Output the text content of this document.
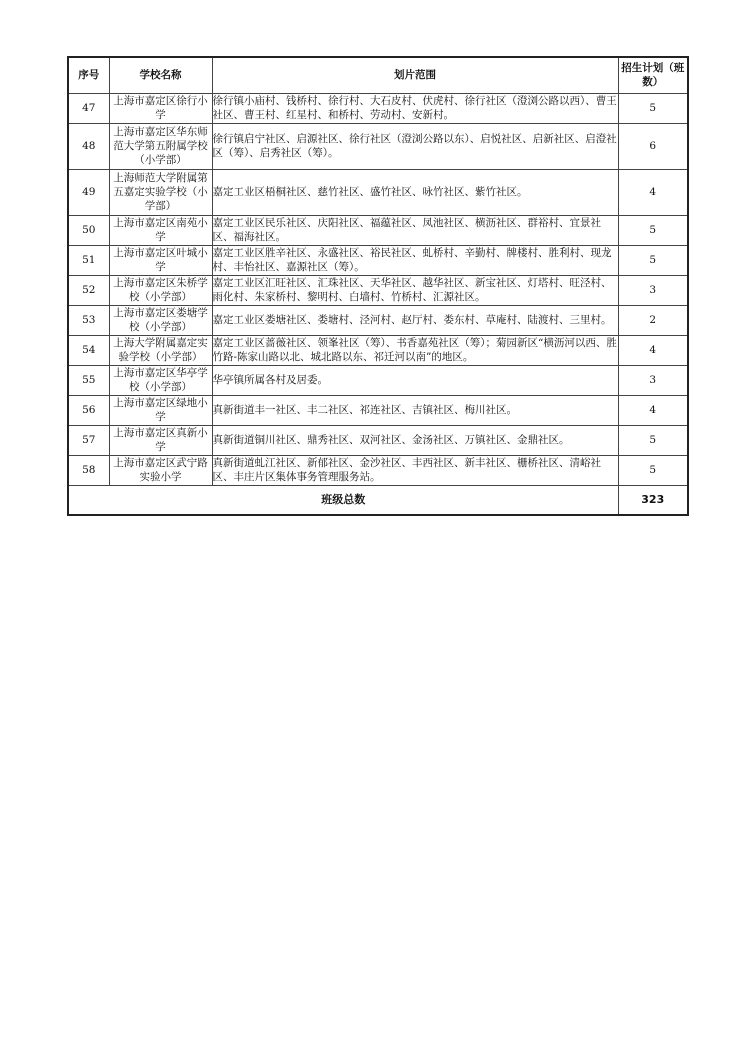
序号	学校名称	划片范围	招生计划（班数）
47	上海市嘉定区徐行小学	徐行镇小庙村、钱桥村、徐行村、大石皮村、伏虎村、徐行社区（澄浏公路以西）、曹王社区、曹王村、红星村、和桥村、劳动村、安新村。	5
48	上海市嘉定区华东师范大学第五附属学校（小学部）	徐行镇启宁社区、启源社区、徐行社区（澄浏公路以东）、启悦社区、启新社区、启澄社区（筹）、启秀社区（筹）。	6
49	上海师范大学附属第五嘉定实验学校（小学部）	嘉定工业区梧桐社区、慈竹社区、盛竹社区、咏竹社区、紫竹社区。	4
50	上海市嘉定区南苑小学	嘉定工业区民乐社区、庆阳社区、福蕴社区、凤池社区、横沥社区、群裕村、宜景社区、福海社区。	5
51	上海市嘉定区叶城小学	嘉定工业区胜辛社区、永盛社区、裕民社区、虬桥村、辛勤村、牌楼村、胜利村、现龙村、丰怡社区、嘉源社区（筹）。	5
52	上海市嘉定区朱桥学校（小学部）	嘉定工业区汇旺社区、汇珠社区、天华社区、越华社区、新宝社区、灯塔村、旺泾村、雨化村、朱家桥村、黎明村、白墙村、竹桥村、汇源社区。	3
53	上海市嘉定区娄塘学校（小学部）	嘉定工业区娄塘社区、娄塘村、泾河村、赵厅村、娄东村、草庵村、陆渡村、三里村。	2
54	上海大学附属嘉定实验学校（小学部）	嘉定工业区蔷薇社区、领峯社区（筹）、书香嘉苑社区（筹）；菊园新区“横沥河以西、胜竹路-陈家山路以北、城北路以东、祁迁河以南”的地区。	4
55	上海市嘉定区华亭学校（小学部）	华亭镇所属各村及居委。	3
56	上海市嘉定区绿地小学	真新街道丰一社区、丰二社区、祁连社区、吉镇社区、梅川社区。	4
57	上海市嘉定区真新小学	真新街道铜川社区、鼎秀社区、双河社区、金汤社区、万镇社区、金鼎社区。	5
58	上海市嘉定区武宁路实验小学	真新街道虬江社区、新郁社区、金沙社区、丰西社区、新丰社区、栅桥社区、清峪社区、丰庄片区集体事务管理服务站。	5
班级总数			323
